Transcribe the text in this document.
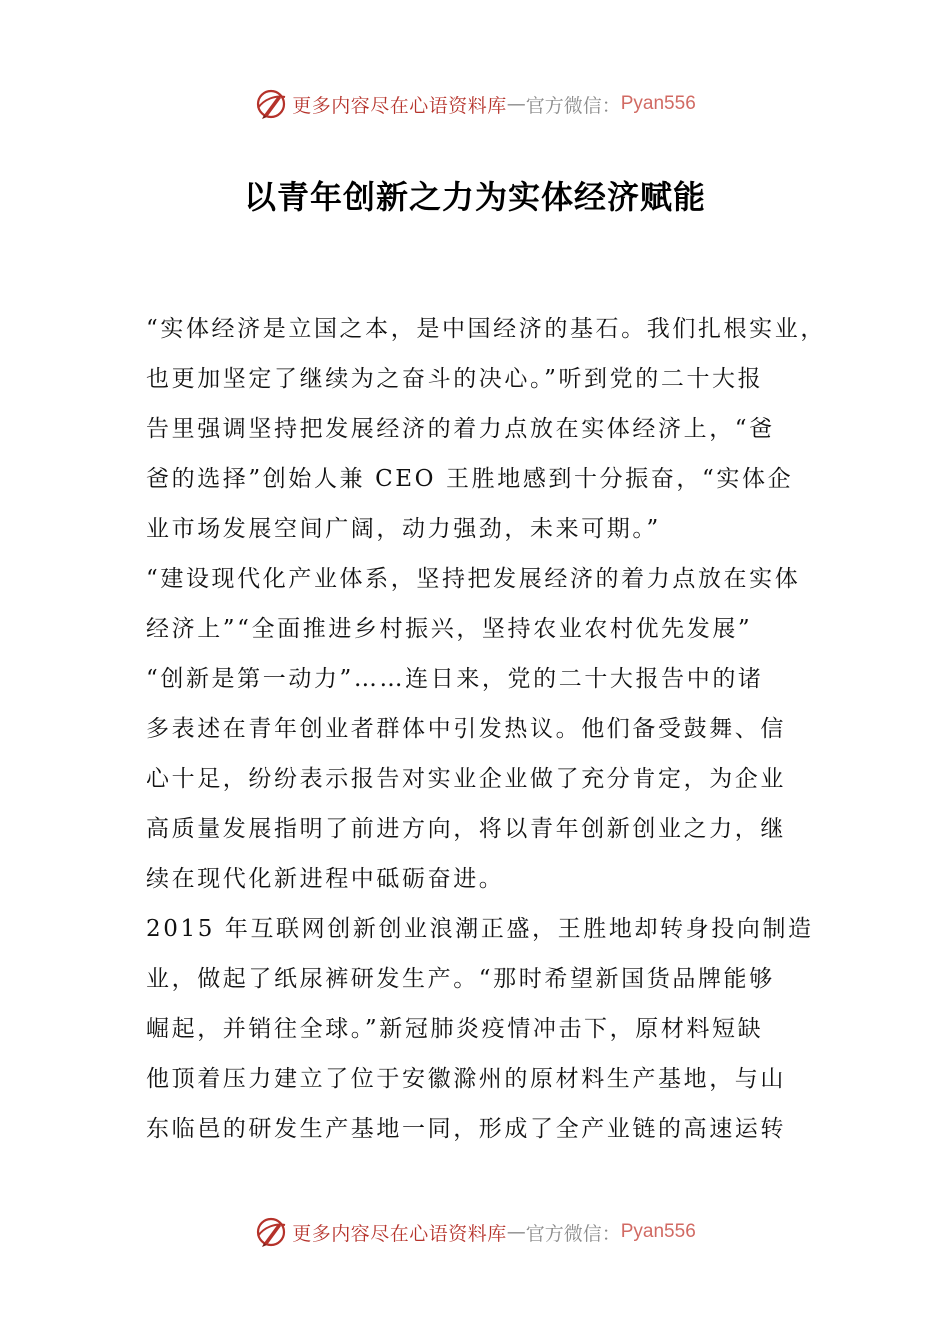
更多内容尽在心语资料库 — 官方微信： Pyan556
以青年创新之力为实体经济赋能
“实体经济是立国之本，是中国经济的基石。我们扎根实业，
也更加坚定了继续为之奋斗的决心。”听到党的二十大报
告里强调坚持把发展经济的着力点放在实体经济上，“爸
爸的选择”创始人兼 CEO 王胜地感到十分振奋，“实体企
业市场发展空间广阔，动力强劲，未来可期。”
“建设现代化产业体系，坚持把发展经济的着力点放在实体
经济上”“全面推进乡村振兴，坚持农业农村优先发展”
“创新是第一动力”……连日来，党的二十大报告中的诸
多表述在青年创业者群体中引发热议。他们备受鼓舞、信
心十足，纷纷表示报告对实业企业做了充分肯定，为企业
高质量发展指明了前进方向，将以青年创新创业之力，继
续在现代化新进程中砥砺奋进。
2015 年互联网创新创业浪潮正盛，王胜地却转身投向制造
业，做起了纸尿裤研发生产。“那时希望新国货品牌能够
崛起，并销往全球。”新冠肺炎疫情冲击下，原材料短缺
他顶着压力建立了位于安徽滁州的原材料生产基地，与山
东临邑的研发生产基地一同，形成了全产业链的高速运转
更多内容尽在心语资料库 — 官方微信： Pyan556
